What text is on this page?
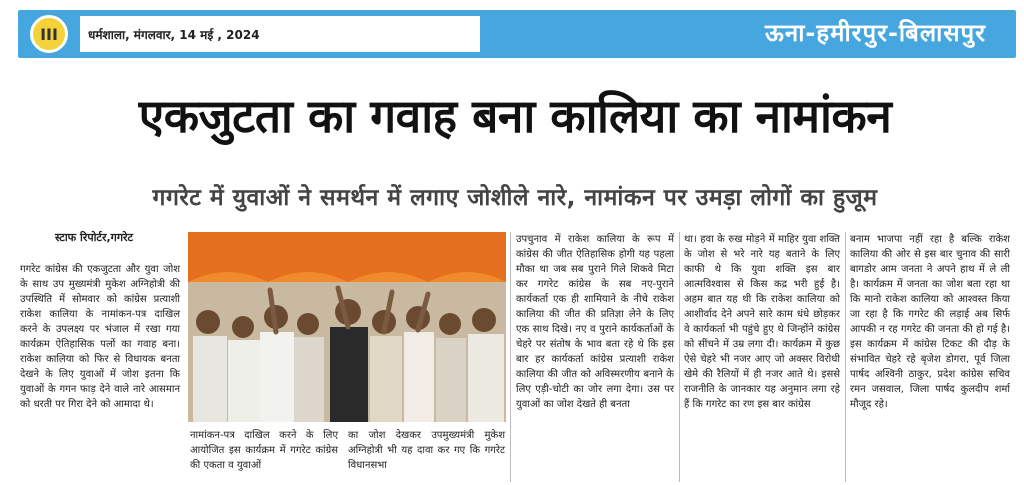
III	धर्मशाला, मंगलवार, 14 मई , 2024	ऊना-हमीरपुर-बिलासपुर
एकजुटता का गवाह बना कालिया का नामांकन
गगरेट में युवाओं ने समर्थन में लगाए जोशीले नारे, नामांकन पर उमड़ा लोगों का हुजूम
स्टाफ रिपोर्टर,गगरेट

गगरेट कांग्रेस की एकजुटता और युवा जोश के साथ उप मुख्यमंत्री मुकेश अग्निहोत्री की उपस्थिति में सोमवार को कांग्रेस प्रत्याशी राकेश कालिया के नामांकन-पत्र दाखिल करने के उपलक्ष्य पर भंजाल में रखा गया कार्यक्रम ऐतिहासिक पलों का गवाह बना। राकेश कालिया को फिर से विधायक बनता देखने के लिए युवाओं में जोश इतना कि युवाओं के गगन फाड़ देने वाले नारे आसमान को धरती पर गिरा देने को आमादा थे।

नामांकन-पत्र दाखिल करने के लिए आयोजित इस कार्यक्रम में गगरेट कांग्रेस की एकता व युवाओं

का जोश देखकर उपमुख्यमंत्री मुकेश अग्निहोत्री भी यह दावा कर गए कि गगरेट विधानसभा

उपचुनाव में राकेश कालिया के रूप में कांग्रेस की जीत ऐतिहासिक होगी यह पहला मौका था जब सब पुराने गिले शिकवे मिटा कर गगरेट कांग्रेस के सब नए-पुराने कार्यकर्ता एक ही शामियाने के नीचे राकेश कालिया की जीत की प्रतिज्ञा लेने के लिए एक साथ दिखे। नए व पुराने कार्यकर्ताओं के चेहरे पर संतोष के भाव बता रहे थे कि इस बार हर कार्यकर्ता कांग्रेस प्रत्याशी राकेश कालिया की जीत को अविस्मरणीय बनाने के लिए एड़ी-चोटी का जोर लगा देगा। उस पर युवाओं का जोश देखते ही बनता

था। हवा के रुख मोड़ने में माहिर युवा शक्ति के जोश से भरे नारे यह बताने के लिए काफी थे कि युवा शक्ति इस बार आत्मविश्वास से किस कद्र भरी हुई है। अहम बात यह थी कि राकेश कालिया को आशीर्वाद देने अपने सारे काम धंधे छोड़कर वे कार्यकर्ता भी पहुंचे हुए थे जिन्होंने कांग्रेस को सींचने में उम्र लगा दी। कार्यक्रम में कुछ ऐसे चेहरे भी नजर आए जो अक्सर विरोधी खेमे की रैलियों में ही नजर आते थे। इससे राजनीति के जानकार यह अनुमान लगा रहे हैं कि गगरेट का रण इस बार कांग्रेस

बनाम भाजपा नहीं रहा है बल्कि राकेश कालिया की ओर से इस बार चुनाव की सारी बागडोर आम जनता ने अपने हाथ में ले ली है। कार्यक्रम में जनता का जोश बता रहा था कि मानो राकेश कालिया को आश्वस्त किया जा रहा है कि गगरेट की लड़ाई अब सिर्फ आपकी न रह गगरेट की जनता की हो गई है। इस कार्यक्रम में कांग्रेस टिकट की दौड़ के संभावित चेहरे रहे बृजेश डोगरा, पूर्व जिला पार्षद अश्विनी ठाकुर, प्रदेश कांग्रेस सचिव रमन जसवाल, जिला पार्षद कुलदीप शर्मा मौजूद रहे।
